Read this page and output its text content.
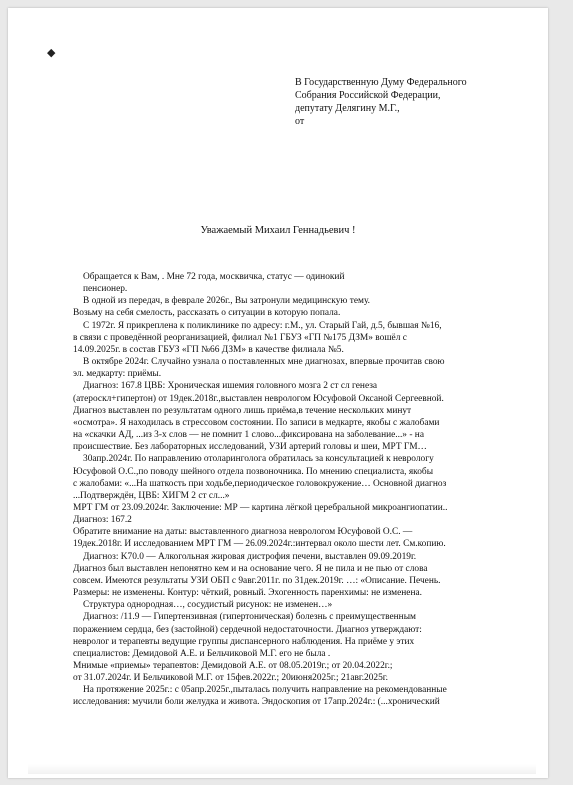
◆
В Государственную Думу Федерального
Собрания Российской Федерации,
депутату Делягину М.Г.,
от
Уважаемый Михаил Геннадьевич !
Обращается к Вам, . Мне 72 года, москвичка, статус — одинокий
пенсионер.
В одной из передач, в феврале 2026г., Вы затронули медицинскую тему.
Возьму на себя смелость, рассказать о ситуации в которую попала.
С 1972г. Я прикреплена к поликлинике по адресу: г.М., ул. Старый Гай, д.5, бывшая №16,
в связи с проведённой реорганизацией, филиал №1 ГБУЗ «ГП №175 ДЗМ» вошёл с
14.09.2025г. в состав ГБУЗ «ГП №66 ДЗМ» в качестве филиала №5.
В октябре 2024г. Случайно узнала о поставленных мне диагнозах, впервые прочитав свою
эл. медкарту: приёмы.
Диагноз: 167.8 ЦВБ: Хроническая ишемия головного мозга 2 ст сл генеза
(атероскл+гипертон) от 19дек.2018г.,выставлен неврологом Юсуфовой Оксаной Сергеевной.
Диагноз выставлен по результатам одного лишь приёма,в течение нескольких минут
«осмотра». Я находилась в стрессовом состоянии. По записи в медкарте, якобы с жалобами
на «скачки АД, ...из 3-х слов — не помнит 1 слово...фиксирована на заболевание...» - на
происшествие. Без лабораторных исследований, УЗИ артерий головы и шеи, МРТ ГМ…
30апр.2024г. По направлению отоларинголога обратилась за консультацией к неврологу
Юсуфовой О.С.,по поводу шейного отдела позвоночника. По мнению специалиста, якобы
с жалобами: «...На шаткость при ходьбе,периодическое головокружение… Основной диагноз
...Подтверждён, ЦВБ: ХИГМ 2 ст сл...»
МРТ ГМ от 23.09.2024г. Заключение: МР — картина лёгкой церебральной микроангиопатии..
Диагноз: 167.2
Обратите внимание на даты: выставленного диагноза неврологом Юсуфовой О.С. —
19дек.2018г. И исследованием МРТ ГМ — 26.09.2024г.:интервал около шести лет. См.копию.
Диагноз: K70.0 — Алкогольная жировая дистрофия печени, выставлен 09.09.2019г.
Диагноз был выставлен непонятно кем и на основание чего. Я не пила и не пью от слова
совсем. Имеются результаты УЗИ ОБП с 9авг.2011г. по 31дек.2019г. …: «Описание. Печень.
Размеры: не изменены. Контур: чёткий, ровный. Эхогенность паренхимы: не изменена.
Структура однородная…, сосудистый рисунок: не изменен…»
Диагноз: /11.9 — Гипертензивная (гипертоническая) болезнь с преимущественным
поражением сердца, без (застойной) сердечной недостаточности. Диагноз утверждают:
невролог и терапевты ведущие группы диспансерного наблюдения. На приёме у этих
специалистов: Демидовой А.Е. и Бельчиковой М.Г. его не была .
Мнимые «приемы» терапевтов: Демидовой А.Е. от 08.05.2019г.; от 20.04.2022г.;
от 31.07.2024г. И Бельчиковой М.Г. от 15фев.2022г.; 20июня2025г.; 21авг.2025г.
На протяжение 2025г.: с 05апр.2025г.,пыталась получить направление на рекомендованные
исследования: мучили боли желудка и живота. Эндоскопия от 17апр.2024г.: (...хронический
